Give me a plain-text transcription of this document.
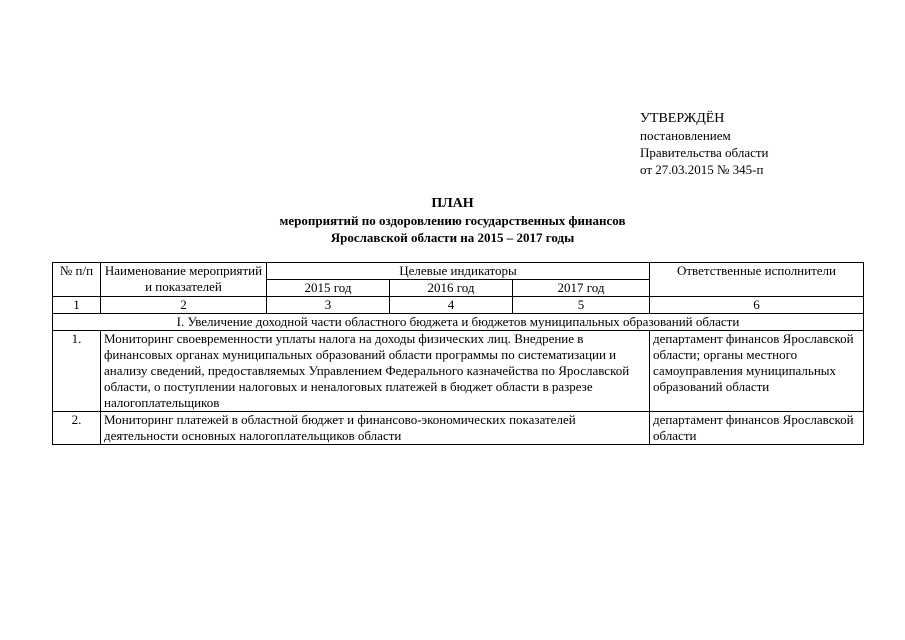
УТВЕРЖДЁН
постановлением
Правительства области
от 27.03.2015 № 345-п
ПЛАН
мероприятий по оздоровлению государственных финансов
Ярославской области на 2015 – 2017 годы
№ п/п	Наименование мероприятий и показателей	Целевые индикаторы			Ответственные исполнители
		2015 год	2016 год	2017 год	
1	2	3	4	5	6
I. Увеличение доходной части областного бюджета и бюджетов муниципальных образований области					
1.	Мониторинг своевременности уплаты налога на доходы физических лиц. Внедрение в финансовых органах муниципальных образований области программы по систематизации и анализу сведений, предоставляемых Управлением Федерального казначейства по Ярославской области, о поступлении налоговых и неналоговых платежей в бюджет области в разрезе налогоплательщиков				департамент финансов Ярославской области; органы местного самоуправления муниципальных образований области
2.	Мониторинг платежей в областной бюджет и финансово-экономических показателей деятельности основных налогоплательщиков области				департамент финансов Ярославской области
